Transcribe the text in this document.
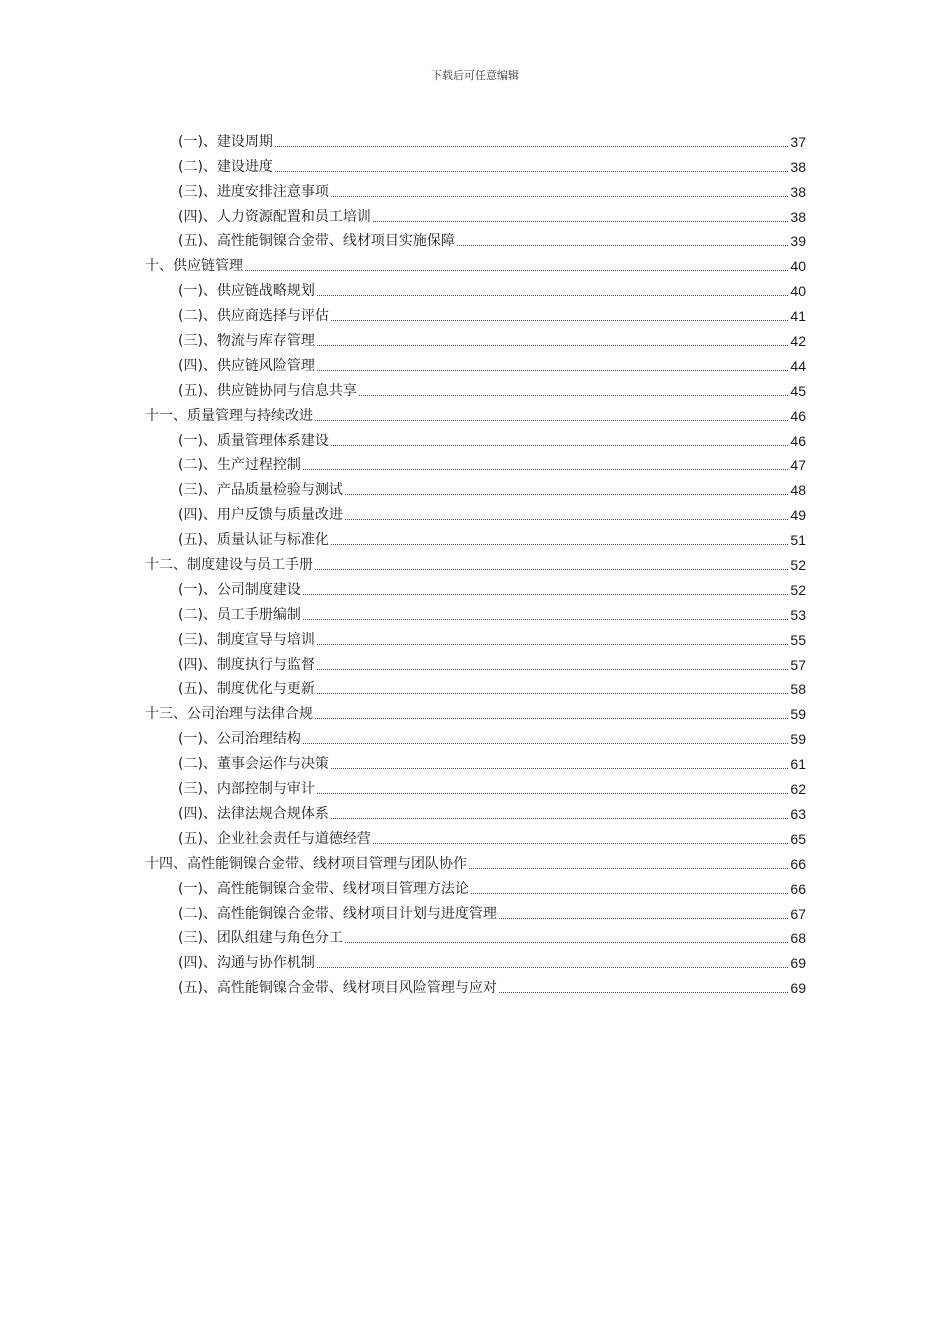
下载后可任意编辑
(一)、建设周期	37
(二)、建设进度	38
(三)、进度安排注意事项	38
(四)、人力资源配置和员工培训	38
(五)、高性能铜镍合金带、线材项目实施保障	39
十、供应链管理	40
(一)、供应链战略规划	40
(二)、供应商选择与评估	41
(三)、物流与库存管理	42
(四)、供应链风险管理	44
(五)、供应链协同与信息共享	45
十一、质量管理与持续改进	46
(一)、质量管理体系建设	46
(二)、生产过程控制	47
(三)、产品质量检验与测试	48
(四)、用户反馈与质量改进	49
(五)、质量认证与标准化	51
十二、制度建设与员工手册	52
(一)、公司制度建设	52
(二)、员工手册编制	53
(三)、制度宣导与培训	55
(四)、制度执行与监督	57
(五)、制度优化与更新	58
十三、公司治理与法律合规	59
(一)、公司治理结构	59
(二)、董事会运作与决策	61
(三)、内部控制与审计	62
(四)、法律法规合规体系	63
(五)、企业社会责任与道德经营	65
十四、高性能铜镍合金带、线材项目管理与团队协作	66
(一)、高性能铜镍合金带、线材项目管理方法论	66
(二)、高性能铜镍合金带、线材项目计划与进度管理	67
(三)、团队组建与角色分工	68
(四)、沟通与协作机制	69
(五)、高性能铜镍合金带、线材项目风险管理与应对	69
